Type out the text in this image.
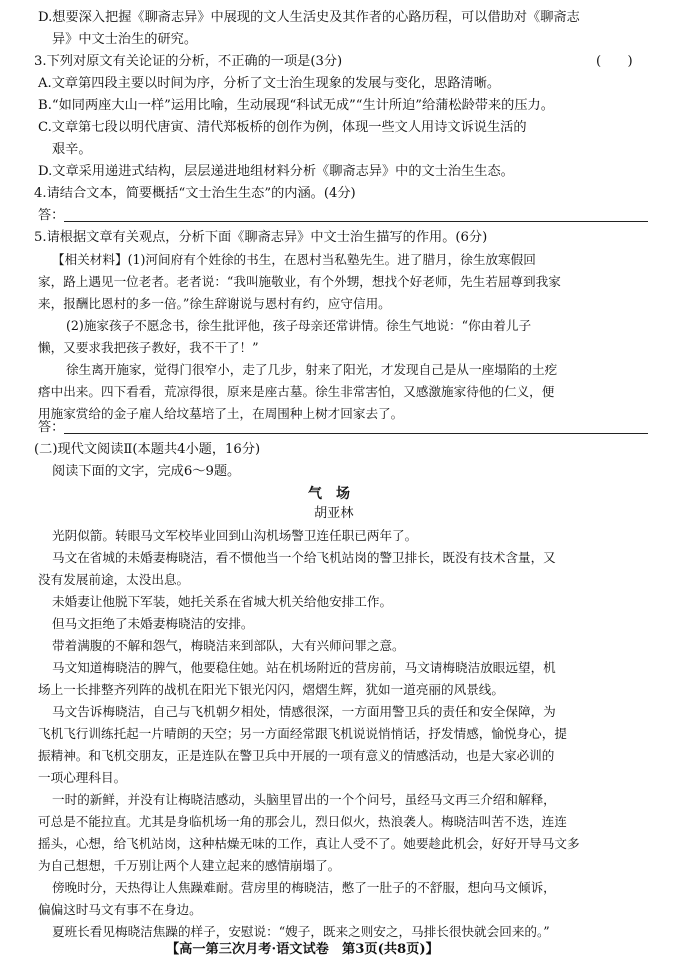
D.想要深入把握《聊斋志异》中展现的文人生活史及其作者的心路历程，可以借助对《聊斋志
异》中文士治生的研究。
3.下列对原文有关论证的分析，不正确的一项是(3分)	(　　)
A.文章第四段主要以时间为序，分析了文士治生现象的发展与变化，思路清晰。
B.“如同两座大山一样”运用比喻，生动展现“科试无成”“生计所迫”给蒲松龄带来的压力。
C.文章第七段以明代唐寅、清代郑板桥的创作为例，体现一些文人用诗文诉说生活的
艰辛。
D.文章采用递进式结构，层层递进地组材料分析《聊斋志异》中的文士治生生态。
4.请结合文本，简要概括“文士治生生态”的内涵。(4分)
答：
5.请根据文章有关观点，分析下面《聊斋志异》中文士治生描写的作用。(6分)
【相关材料】(1)河间府有个姓徐的书生，在恩村当私塾先生。进了腊月，徐生放寒假回
家，路上遇见一位老者。老者说：“我叫施敬业，有个外甥，想找个好老师，先生若屈尊到我家
来，报酬比恩村的多一倍。”徐生辞谢说与恩村有约，应守信用。
(2)施家孩子不愿念书，徐生批评他，孩子母亲还常讲情。徐生气地说：“你由着儿子
懒，又要求我把孩子教好，我不干了！”
徐生离开施家，觉得门很窄小，走了几步，射来了阳光，才发现自己是从一座塌陷的土疙
瘩中出来。四下看看，荒凉得很，原来是座古墓。徐生非常害怕，又感激施家待他的仁义，便
用施家赏给的金子雇人给坟墓培了土，在周围种上树才回家去了。
答：
(二)现代文阅读Ⅱ(本题共4小题，16分)
阅读下面的文字，完成6～9题。
气　场
胡亚林
光阴似箭。转眼马文军校毕业回到山沟机场警卫连任职已两年了。
马文在省城的未婚妻梅晓洁，看不惯他当一个给飞机站岗的警卫排长，既没有技术含量，又
没有发展前途，太没出息。
未婚妻让他脱下军装，她托关系在省城大机关给他安排工作。
但马文拒绝了未婚妻梅晓洁的安排。
带着满腹的不解和怨气，梅晓洁来到部队，大有兴师问罪之意。
马文知道梅晓洁的脾气，他要稳住她。站在机场附近的营房前，马文请梅晓洁放眼远望，机
场上一长排整齐列阵的战机在阳光下银光闪闪，熠熠生辉，犹如一道亮丽的风景线。
马文告诉梅晓洁，自己与飞机朝夕相处，情感很深，一方面用警卫兵的责任和安全保障，为
飞机飞行训练托起一片晴朗的天空；另一方面经常跟飞机说说悄悄话，抒发情感，愉悦身心，提
振精神。和飞机交朋友，正是连队在警卫兵中开展的一项有意义的情感活动，也是大家必训的
一项心理科目。
一时的新鲜，并没有让梅晓洁感动，头脑里冒出的一个个问号，虽经马文再三介绍和解释，
可总是不能拉直。尤其是身临机场一角的那会儿，烈日似火，热浪袭人。梅晓洁叫苦不迭，连连
摇头，心想，给飞机站岗，这种枯燥无味的工作，真让人受不了。她要趁此机会，好好开导马文多
为自己想想，千万别让两个人建立起来的感情崩塌了。
傍晚时分，天热得让人焦躁难耐。营房里的梅晓洁，憋了一肚子的不舒服，想向马文倾诉，
偏偏这时马文有事不在身边。
夏班长看见梅晓洁焦躁的样子，安慰说：“嫂子，既来之则安之，马排长很快就会回来的。”
【高一第三次月考·语文试卷　第3页(共8页)】
